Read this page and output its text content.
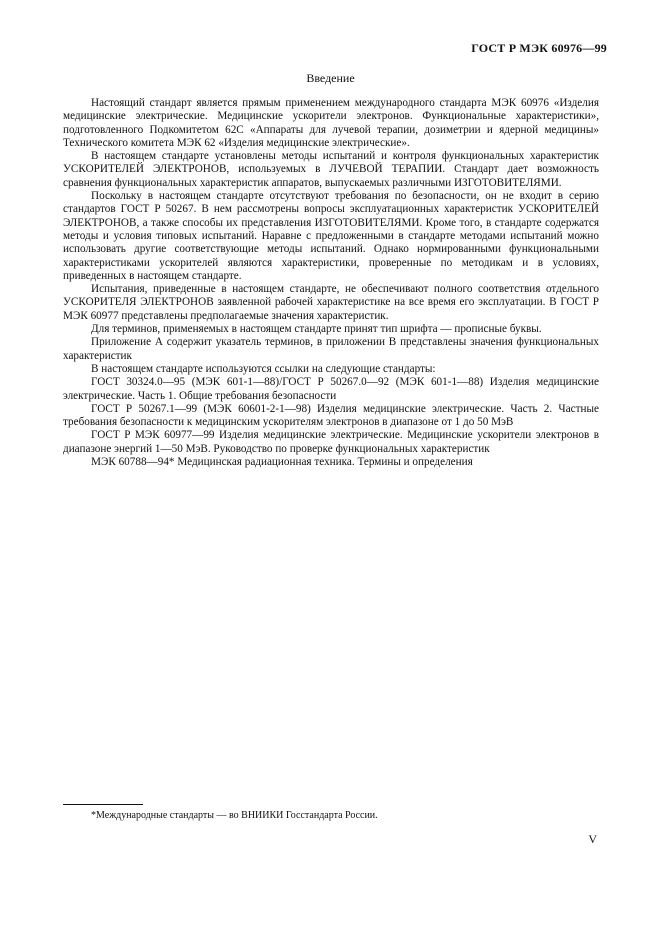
ГОСТ Р МЭК 60976—99
Введение

Настоящий стандарт является прямым применением международного стандарта МЭК 60976 «Изделия медицинские электрические. Медицинские ускорители электронов. Функциональные характеристики», подготовленного Подкомитетом 62С «Аппараты для лучевой терапии, дозиметрии и ядерной медицины» Технического комитета МЭК 62 «Изделия медицинские электрические».

В настоящем стандарте установлены методы испытаний и контроля функциональных характеристик УСКОРИТЕЛЕЙ ЭЛЕКТРОНОВ, используемых в ЛУЧЕВОЙ ТЕРАПИИ. Стандарт дает возможность сравнения функциональных характеристик аппаратов, выпускаемых различными ИЗГОТОВИТЕЛЯМИ.

Поскольку в настоящем стандарте отсутствуют требования по безопасности, он не входит в серию стандартов ГОСТ Р 50267. В нем рассмотрены вопросы эксплуатационных характеристик УСКОРИТЕЛЕЙ ЭЛЕКТРОНОВ, а также способы их представления ИЗГОТОВИТЕЛЯМИ. Кроме того, в стандарте содержатся методы и условия типовых испытаний. Наравне с предложенными в стандарте методами испытаний можно использовать другие соответствующие методы испытаний. Однако нормированными функциональными характеристиками ускорителей являются характеристики, проверенные по методикам и в условиях, приведенных в настоящем стандарте.

Испытания, приведенные в настоящем стандарте, не обеспечивают полного соответствия отдельного УСКОРИТЕЛЯ ЭЛЕКТРОНОВ заявленной рабочей характеристике на все время его эксплуатации. В ГОСТ Р МЭК 60977 представлены предполагаемые значения характеристик.

Для терминов, применяемых в настоящем стандарте принят тип шрифта — прописные буквы.

Приложение А содержит указатель терминов, в приложении В представлены значения функциональных характеристик

В настоящем стандарте используются ссылки на следующие стандарты:

ГОСТ 30324.0—95 (МЭК 601-1—88)/ГОСТ Р 50267.0—92 (МЭК 601-1—88) Изделия медицинские электрические. Часть 1. Общие требования безопасности

ГОСТ Р 50267.1—99 (МЭК 60601-2-1—98) Изделия медицинские электрические. Часть 2. Частные требования безопасности к медицинским ускорителям электронов в диапазоне от 1 до 50 МэВ

ГОСТ Р МЭК 60977—99 Изделия медицинские электрические. Медицинские ускорители электронов в диапазоне энергий 1—50 МэВ. Руководство по проверке функциональных характеристик

МЭК 60788—94* Медицинская радиационная техника. Термины и определения

*Международные стандарты — во ВНИИКИ Госстандарта России.
V
